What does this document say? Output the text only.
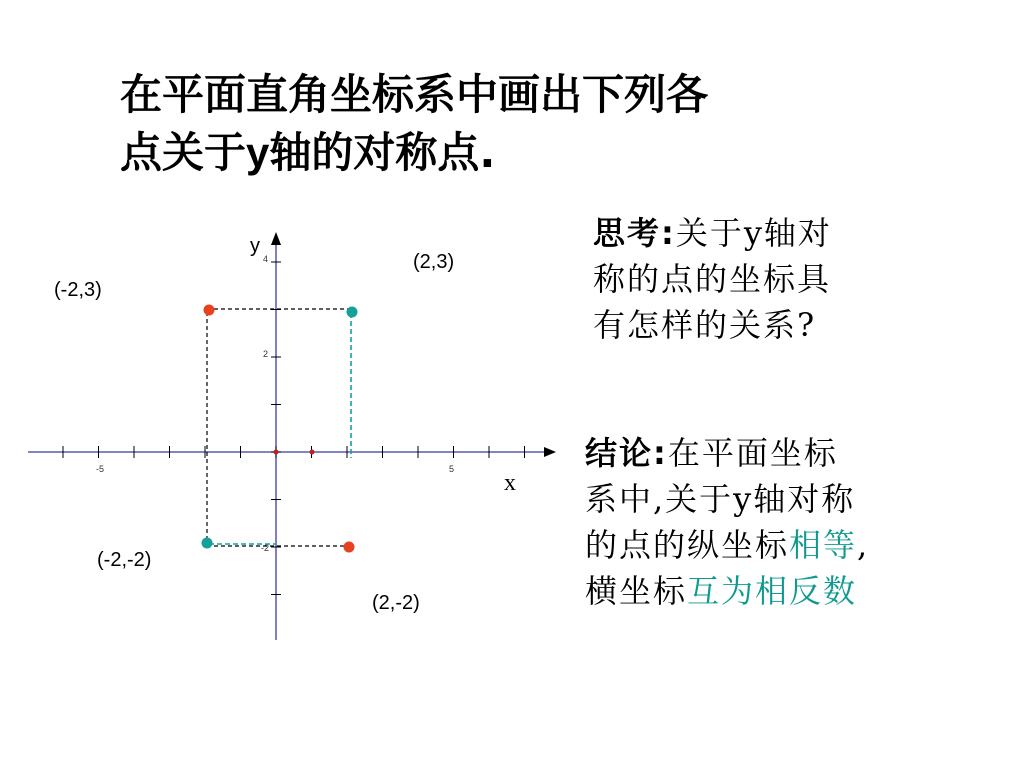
在平面直角坐标系中画出下列各
点关于y轴的对称点.
4
2
-2
-5	5
y
x
(-2,3)
(2,3)
(-2,-2)
(2,-2)

思考:关于y轴对
称的点的坐标具
有怎样的关系?

结论:在平面坐标
系中,关于y轴对称
的点的纵坐标相等,
横坐标互为相反数
